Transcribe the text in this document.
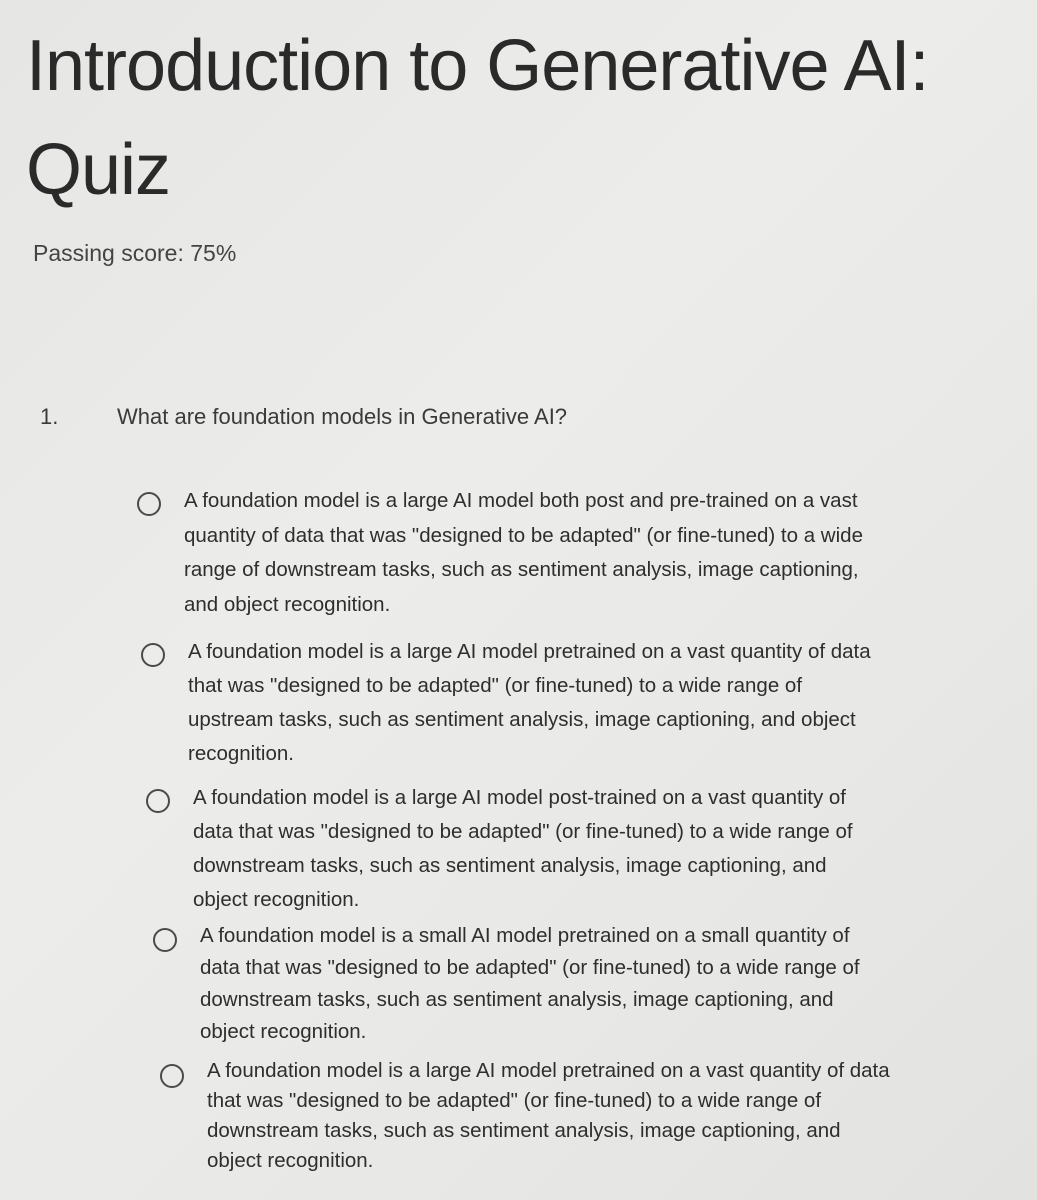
Introduction to Generative AI: Quiz
Passing score: 75%
1.	What are foundation models in Generative AI?
A foundation model is a large AI model both post and pre-trained on a vast quantity of data that was "designed to be adapted" (or fine-tuned) to a wide range of downstream tasks, such as sentiment analysis, image captioning, and object recognition.
A foundation model is a large AI model pretrained on a vast quantity of data that was "designed to be adapted" (or fine-tuned) to a wide range of upstream tasks, such as sentiment analysis, image captioning, and object recognition.
A foundation model is a large AI model post-trained on a vast quantity of data that was "designed to be adapted" (or fine-tuned) to a wide range of downstream tasks, such as sentiment analysis, image captioning, and object recognition.
A foundation model is a small AI model pretrained on a small quantity of data that was "designed to be adapted" (or fine-tuned) to a wide range of downstream tasks, such as sentiment analysis, image captioning, and object recognition.
A foundation model is a large AI model pretrained on a vast quantity of data that was "designed to be adapted" (or fine-tuned) to a wide range of downstream tasks, such as sentiment analysis, image captioning, and object recognition.
